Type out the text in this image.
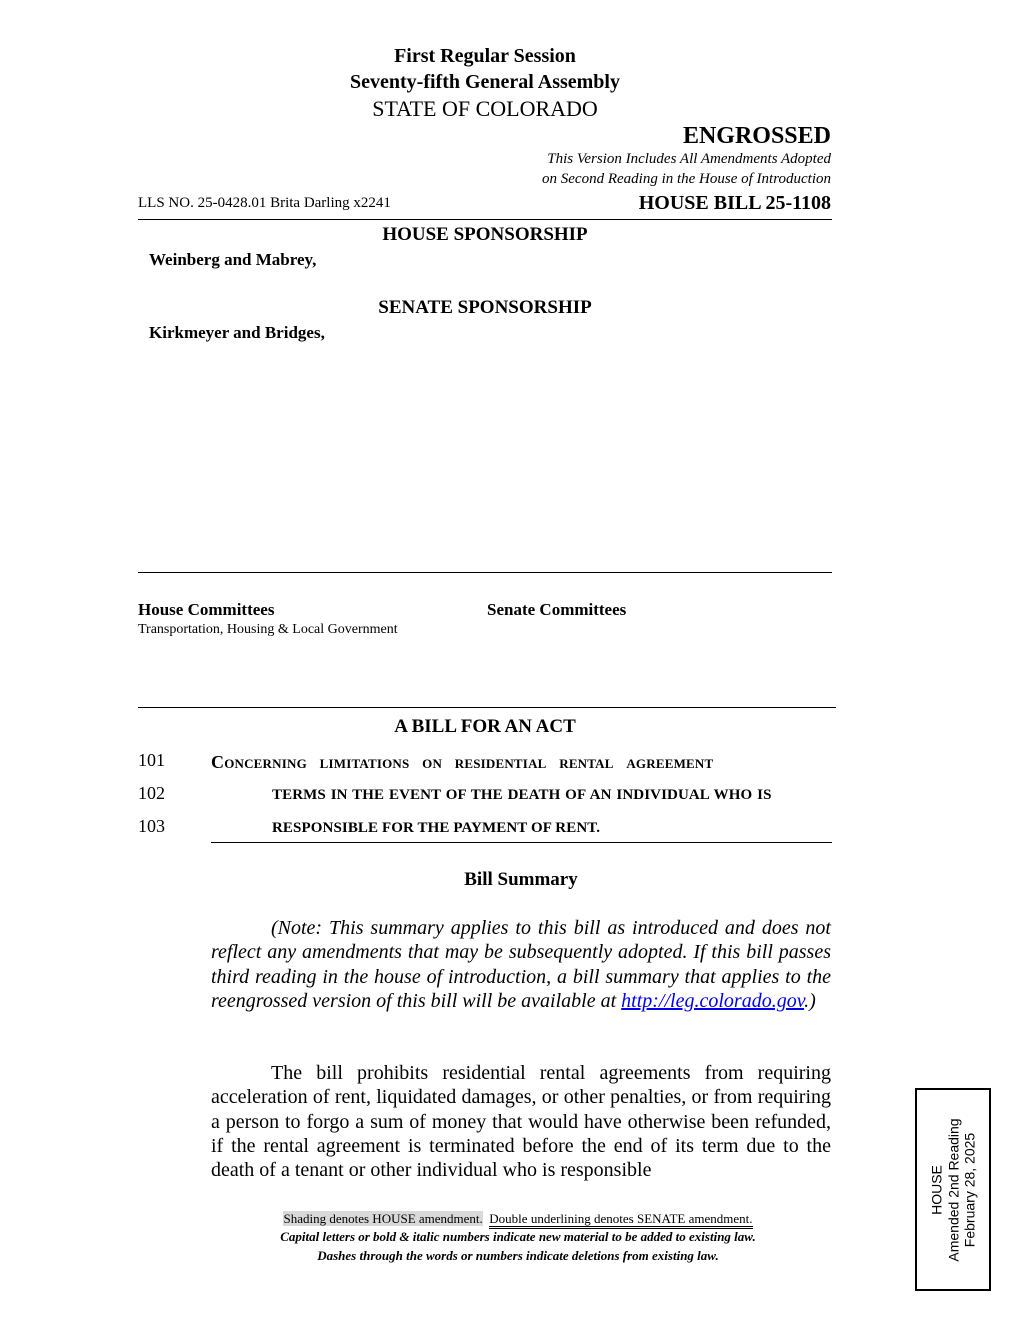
First Regular Session
Seventy-fifth General Assembly
STATE OF COLORADO
ENGROSSED
This Version Includes All Amendments Adopted
on Second Reading in the House of Introduction
LLS NO. 25-0428.01 Brita Darling x2241	HOUSE BILL 25-1108
HOUSE SPONSORSHIP
Weinberg and Mabrey,
SENATE SPONSORSHIP
Kirkmeyer and Bridges,
House Committees
Transportation, Housing & Local Government
Senate Committees
A BILL FOR AN ACT
101	Concerning limitations on residential rental agreement
102	TERMS IN THE EVENT OF THE DEATH OF AN INDIVIDUAL WHO IS
103	RESPONSIBLE FOR THE PAYMENT OF RENT.
Bill Summary
(Note: This summary applies to this bill as introduced and does not reflect any amendments that may be subsequently adopted. If this bill passes third reading in the house of introduction, a bill summary that applies to the reengrossed version of this bill will be available at http://leg.colorado.gov.)
The bill prohibits residential rental agreements from requiring acceleration of rent, liquidated damages, or other penalties, or from requiring a person to forgo a sum of money that would have otherwise been refunded, if the rental agreement is terminated before the end of its term due to the death of a tenant or other individual who is responsible
Shading denotes HOUSE amendment. Double underlining denotes SENATE amendment.
Capital letters or bold & italic numbers indicate new material to be added to existing law.
Dashes through the words or numbers indicate deletions from existing law.
HOUSE Amended 2nd Reading February 28, 2025
